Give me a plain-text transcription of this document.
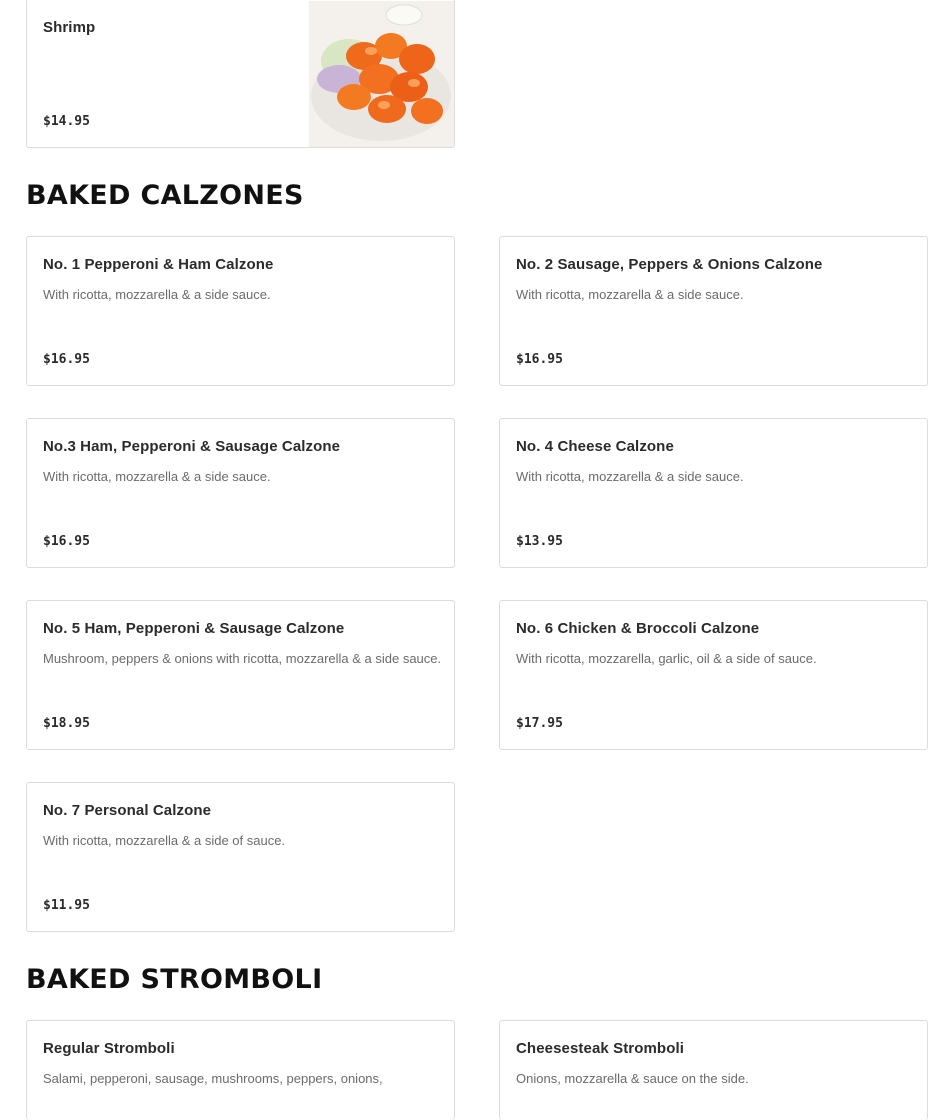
Shrimp
$14.95
BAKED CALZONES
No. 1 Pepperoni & Ham Calzone
With ricotta, mozzarella & a side sauce.
$16.95
No. 2 Sausage, Peppers & Onions Calzone
With ricotta, mozzarella & a side sauce.
$16.95
No.3 Ham, Pepperoni & Sausage Calzone
With ricotta, mozzarella & a side sauce.
$16.95
No. 4 Cheese Calzone
With ricotta, mozzarella & a side sauce.
$13.95
No. 5 Ham, Pepperoni & Sausage Calzone
Mushroom, peppers & onions with ricotta, mozzarella & a side sauce.
$18.95
No. 6 Chicken & Broccoli Calzone
With ricotta, mozzarella, garlic, oil & a side of sauce.
$17.95
No. 7 Personal Calzone
With ricotta, mozzarella & a side of sauce.
$11.95
BAKED STROMBOLI
Regular Stromboli
Salami, pepperoni, sausage, mushrooms, peppers, onions,
Cheesesteak Stromboli
Onions, mozzarella & sauce on the side.
